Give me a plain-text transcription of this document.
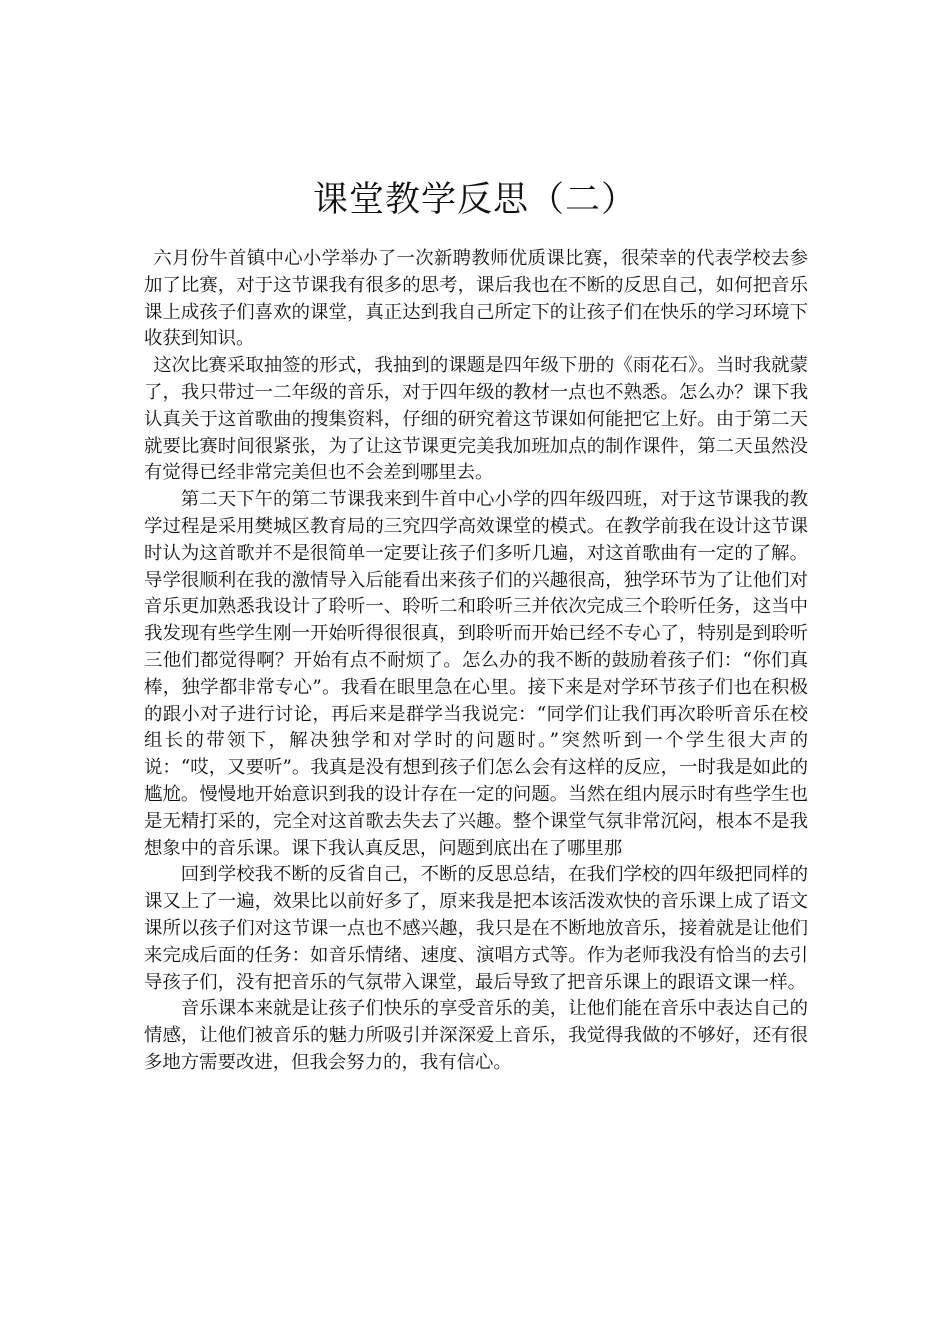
课堂教学反思（二）

六月份牛首镇中心小学举办了一次新聘教师优质课比赛，很荣幸的代表学校去参加了比赛，对于这节课我有很多的思考，课后我也在不断的反思自己，如何把音乐课上成孩子们喜欢的课堂，真正达到我自己所定下的让孩子们在快乐的学习环境下收获到知识。

这次比赛采取抽签的形式，我抽到的课题是四年级下册的《雨花石》。当时我就蒙了，我只带过一二年级的音乐，对于四年级的教材一点也不熟悉。怎么办？课下我认真关于这首歌曲的搜集资料，仔细的研究着这节课如何能把它上好。由于第二天就要比赛时间很紧张，为了让这节课更完美我加班加点的制作课件，第二天虽然没有觉得已经非常完美但也不会差到哪里去。

第二天下午的第二节课我来到牛首中心小学的四年级四班，对于这节课我的教学过程是采用樊城区教育局的三究四学高效课堂的模式。在教学前我在设计这节课时认为这首歌并不是很简单一定要让孩子们多听几遍，对这首歌曲有一定的了解。导学很顺利在我的激情导入后能看出来孩子们的兴趣很高，独学环节为了让他们对音乐更加熟悉我设计了聆听一、聆听二和聆听三并依次完成三个聆听任务，这当中我发现有些学生刚一开始听得很很真，到聆听而开始已经不专心了，特别是到聆听三他们都觉得啊？开始有点不耐烦了。怎么办的我不断的鼓励着孩子们：“你们真棒，独学都非常专心”。我看在眼里急在心里。接下来是对学环节孩子们也在积极的跟小对子进行讨论，再后来是群学当我说完：“同学们让我们再次聆听音乐在校组长的带领下，解决独学和对学时的问题时。”突然听到一个学生很大声的说：“哎，又要听”。我真是没有想到孩子们怎么会有这样的反应，一时我是如此的尴尬。慢慢地开始意识到我的设计存在一定的问题。当然在组内展示时有些学生也是无精打采的，完全对这首歌去失去了兴趣。整个课堂气氛非常沉闷，根本不是我想象中的音乐课。课下我认真反思，问题到底出在了哪里那

回到学校我不断的反省自己，不断的反思总结，在我们学校的四年级把同样的课又上了一遍，效果比以前好多了，原来我是把本该活泼欢快的音乐课上成了语文课所以孩子们对这节课一点也不感兴趣，我只是在不断地放音乐，接着就是让他们来完成后面的任务：如音乐情绪、速度、演唱方式等。作为老师我没有恰当的去引导孩子们，没有把音乐的气氛带入课堂，最后导致了把音乐课上的跟语文课一样。

音乐课本来就是让孩子们快乐的享受音乐的美，让他们能在音乐中表达自己的情感，让他们被音乐的魅力所吸引并深深爱上音乐，我觉得我做的不够好，还有很多地方需要改进，但我会努力的，我有信心。
